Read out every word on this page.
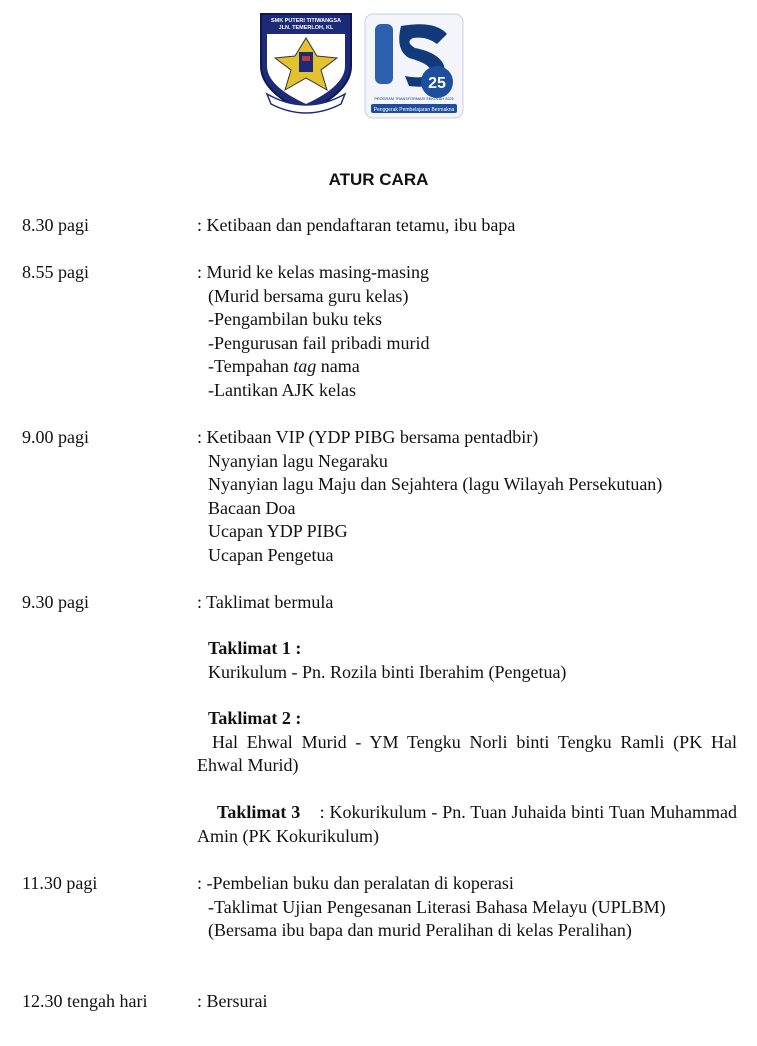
SMK PUTERI TITIWANGSA
JLN. TEMERLOH, KL
25
PROGRAM TRANSFORMASI SEKOLAH 2025
Penggerak Pembelajaran Bermakna
ATUR CARA
8.30 pagi	: Ketibaan dan pendaftaran tetamu, ibu bapa
8.55 pagi	: Murid ke kelas masing-masing
(Murid bersama guru kelas)
-Pengambilan buku teks
-Pengurusan fail pribadi murid
-Tempahan tag nama
-Lantikan AJK kelas
9.00 pagi	: Ketibaan VIP (YDP PIBG bersama pentadbir)
Nyanyian lagu Negaraku
Nyanyian lagu Maju dan Sejahtera (lagu Wilayah Persekutuan)
Bacaan Doa
Ucapan YDP PIBG
Ucapan Pengetua
9.30 pagi	: Taklimat bermula
Taklimat 1 :
Kurikulum - Pn. Rozila binti Iberahim (Pengetua)
Taklimat 2 :
Hal Ehwal Murid - YM Tengku Norli binti Tengku Ramli (PK Hal Ehwal Murid)
Taklimat 3 : Kokurikulum - Pn. Tuan Juhaida binti Tuan Muhammad Amin (PK Kokurikulum)
11.30 pagi	: -Pembelian buku dan peralatan di koperasi
-Taklimat Ujian Pengesanan Literasi Bahasa Melayu (UPLBM)
(Bersama ibu bapa dan murid Peralihan di kelas Peralihan)
12.30 tengah hari	: Bersurai
